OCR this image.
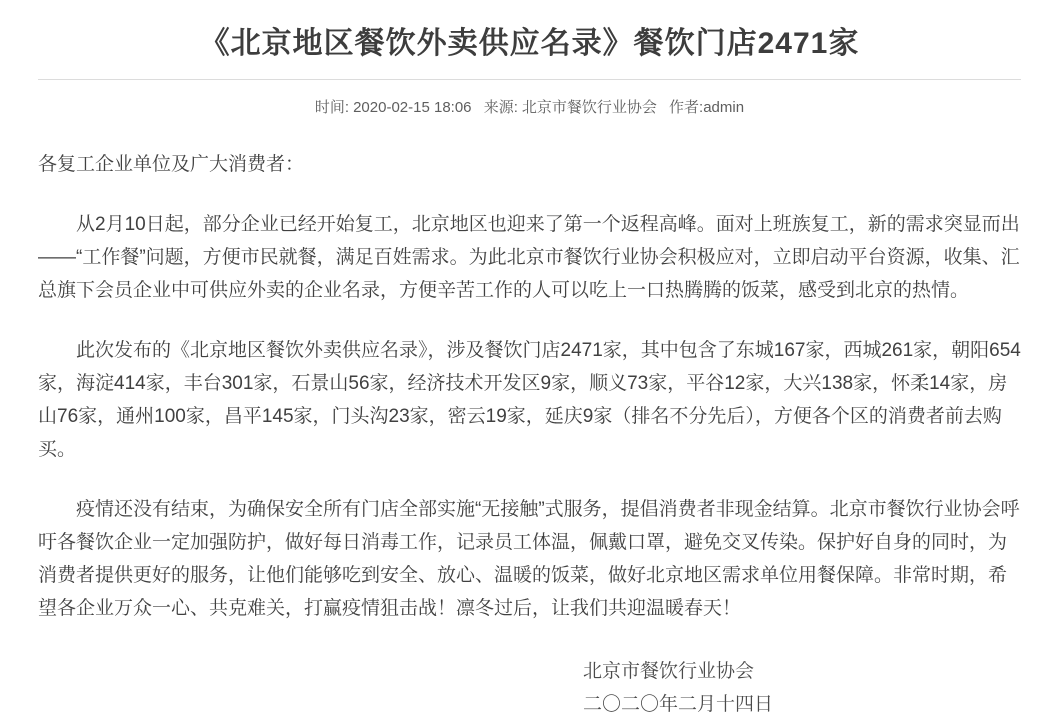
《北京地区餐饮外卖供应名录》餐饮门店2471家
时间: 2020-02-15 18:06 来源: 北京市餐饮行业协会 作者:admin

各复工企业单位及广大消费者：

从2月10日起，部分企业已经开始复工，北京地区也迎来了第一个返程高峰。面对上班族复工，新的需求突显而出——“工作餐”问题，方便市民就餐，满足百姓需求。为此北京市餐饮行业协会积极应对，立即启动平台资源，收集、汇总旗下会员企业中可供应外卖的企业名录，方便辛苦工作的人可以吃上一口热腾腾的饭菜，感受到北京的热情。

此次发布的《北京地区餐饮外卖供应名录》，涉及餐饮门店2471家，其中包含了东城167家，西城261家，朝阳654家，海淀414家，丰台301家，石景山56家，经济技术开发区9家，顺义73家，平谷12家，大兴138家，怀柔14家，房山76家，通州100家，昌平145家，门头沟23家，密云19家，延庆9家（排名不分先后），方便各个区的消费者前去购买。

疫情还没有结束，为确保安全所有门店全部实施“无接触”式服务，提倡消费者非现金结算。北京市餐饮行业协会呼吁各餐饮企业一定加强防护，做好每日消毒工作，记录员工体温，佩戴口罩，避免交叉传染。保护好自身的同时，为消费者提供更好的服务，让他们能够吃到安全、放心、温暖的饭菜，做好北京地区需求单位用餐保障。非常时期，希望各企业万众一心、共克难关，打赢疫情狙击战！凛冬过后，让我们共迎温暖春天！

北京市餐饮行业协会

二〇二〇年二月十四日
